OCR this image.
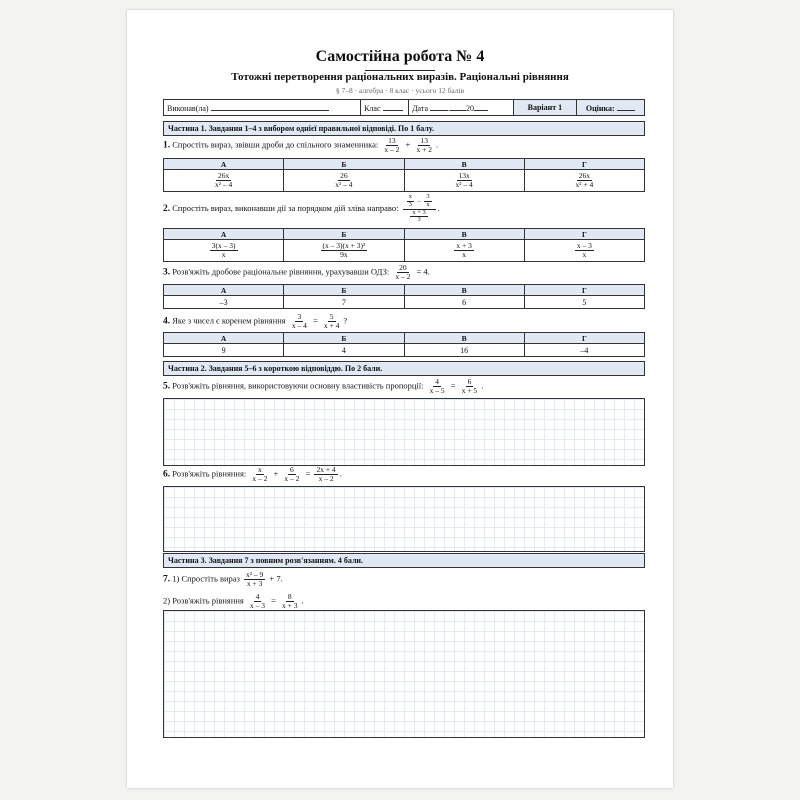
Самостійна робота № 4
Тотожні перетворення раціональних виразів. Раціональні рівняння
§ 7–8 · алгебра · 8 клас · усього 12 балів
Виконав(ла)	Клас	Дата	. 20	Варіант 1	Оцінка:
Частина 1. Завдання 1–4 з вибором однієї правильної відповіді. По 1 балу.
1. Спростіть вираз, звівши дроби до спільного знаменника: $\frac{13}{x - 2} + \frac{13}{x + 2}$ .
А	Б	В	Г

$\frac{26x}{\text{x² – 4}}$	$\frac{26}{\text{x² – 4}}$	$\frac{13x}{\text{x² – 4}}$	$\frac{26x}{\text{x² + 4}}$
2. Спростіть вираз, виконавши дії за порядком дій зліва направо: $\frac{\frac{x}{3} - \frac{3}{x}}{\frac{x + 3}{3}}$ .
А	Б	В	Г

$\frac{3(x - 3)}{x}$	$\frac{\text{(x – 3)(x + 3)²}}{9x}$	$\frac{x + 3}{x}$	$\frac{x - 3}{x}$
3. Розв'яжіть дробове раціональне рівняння, урахувавши ОДЗ: $\frac{20}{x - 2} = 4$.
А	Б	В	Г
–3	7	6	5
4. Яке з чисел є коренем рівняння $\frac{3}{x - 4} = \frac{5}{x + 4}$ ?
А	Б	В	Г
9	4	16	–4
Частина 2. Завдання 5–6 з короткою відповіддю. По 2 бали.
5. Розв'яжіть рівняння, використовуючи основну властивість пропорції: $\frac{4}{x - 5} = \frac{6}{x + 5}$ .
6. Розв'яжіть рівняння: $\frac{x}{x - 2} + \frac{6}{x - 2} = \frac{2x + 4}{x - 2}$ .
Частина 3. Завдання 7 з повним розв'язанням. 4 бали.
7. 1) Спростіть вираз $\frac{\text{x² – 9}}{x + 3} + 7$.
2) Розв'яжіть рівняння $\frac{4}{x - 3} = \frac{8}{x + 3}$ .
